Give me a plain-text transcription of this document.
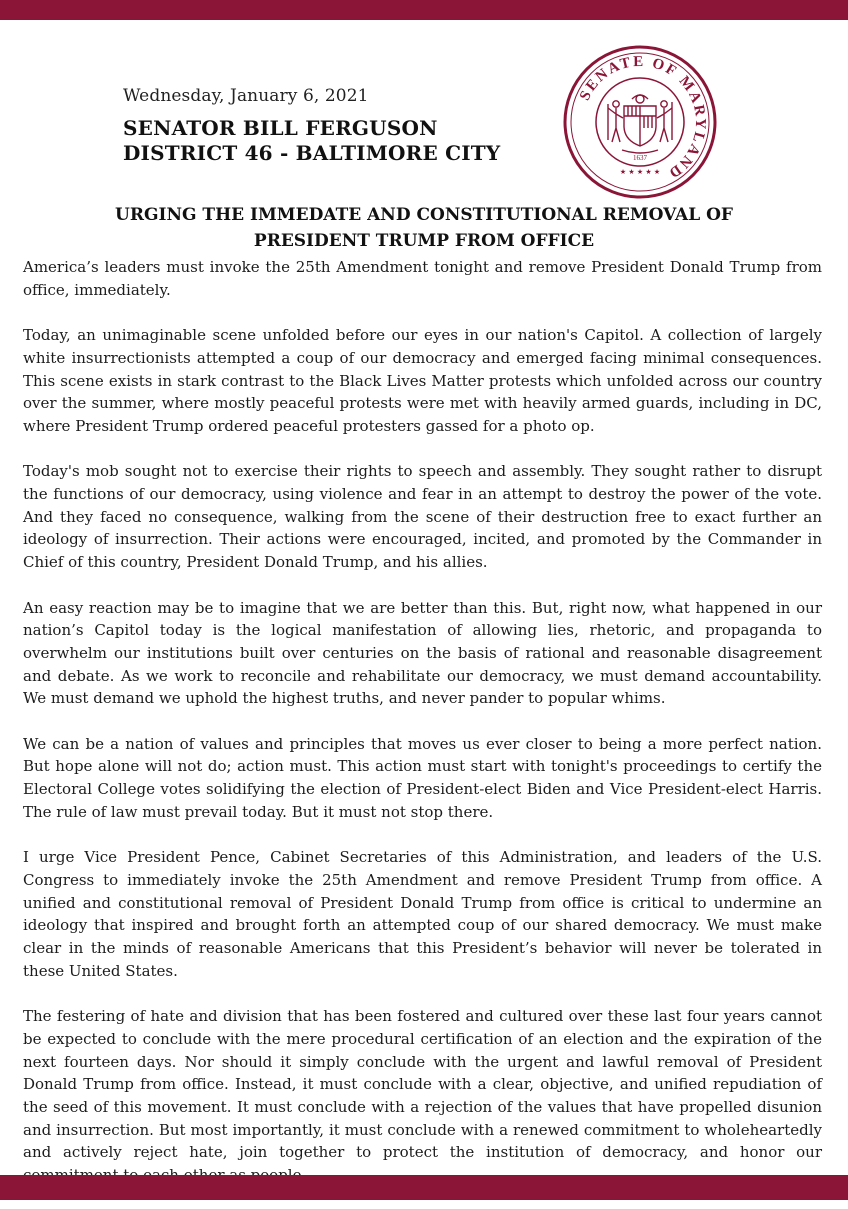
Wednesday, January 6, 2021
SENATOR BILL FERGUSON
DISTRICT 46 - BALTIMORE CITY
SENATE OF MARYLAND
1637
★ ★ ★ ★ ★
URGING THE IMMEDATE AND CONSTITUTIONAL REMOVAL OF
PRESIDENT TRUMP FROM OFFICE

America’s leaders must invoke the 25th Amendment tonight and remove President Donald Trump from office, immediately.

Today, an unimaginable scene unfolded before our eyes in our nation's Capitol. A collection of largely white insurrectionists attempted a coup of our democracy and emerged facing minimal consequences. This scene exists in stark contrast to the Black Lives Matter protests which unfolded across our country over the summer, where mostly peaceful protests were met with heavily armed guards, including in DC, where President Trump ordered peaceful protesters gassed for a photo op.

Today's mob sought not to exercise their rights to speech and assembly. They sought rather to disrupt the functions of our democracy, using violence and fear in an attempt to destroy the power of the vote. And they faced no consequence, walking from the scene of their destruction free to exact further an ideology of insurrection. Their actions were encouraged, incited, and promoted by the Commander in Chief of this country, President Donald Trump, and his allies.

An easy reaction may be to imagine that we are better than this. But, right now, what happened in our nation’s Capitol today is the logical manifestation of allowing lies, rhetoric, and propaganda to overwhelm our institutions built over centuries on the basis of rational and reasonable disagreement and debate. As we work to reconcile and rehabilitate our democracy, we must demand accountability. We must demand we uphold the highest truths, and never pander to popular whims.

We can be a nation of values and principles that moves us ever closer to being a more perfect nation. But hope alone will not do; action must. This action must start with tonight's proceedings to certify the Electoral College votes solidifying the election of President-elect Biden and Vice President-elect Harris. The rule of law must prevail today. But it must not stop there.

I urge Vice President Pence, Cabinet Secretaries of this Administration, and leaders of the U.S. Congress to immediately invoke the 25th Amendment and remove President Trump from office. A unified and constitutional removal of President Donald Trump from office is critical to undermine an ideology that inspired and brought forth an attempted coup of our shared democracy. We must make clear in the minds of reasonable Americans that this President’s behavior will never be tolerated in these United States.

The festering of hate and division that has been fostered and cultured over these last four years cannot be expected to conclude with the mere procedural certification of an election and the expiration of the next fourteen days. Nor should it simply conclude with the urgent and lawful removal of President Donald Trump from office. Instead, it must conclude with a clear, objective, and unified repudiation of the seed of this movement. It must conclude with a rejection of the values that have propelled disunion and insurrection. But most importantly, it must conclude with a renewed commitment to wholeheartedly and actively reject hate, join together to protect the institution of democracy, and honor our
